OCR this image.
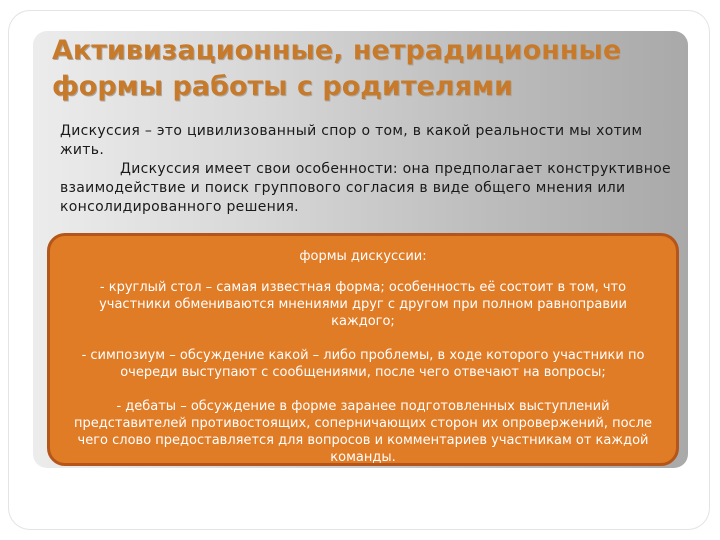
Активизационные, нетрадиционные
формы работы с родителями

Дискуссия – это цивилизованный спор о том, в какой реальности мы хотим жить.

Дискуссия имеет свои особенности: она предполагает конструктивное взаимодействие и поиск группового согласия в виде общего мнения или консолидированного решения.

формы дискуссии:

- круглый стол – самая известная форма; особенность её состоит в том, что участники обмениваются мнениями друг с другом при полном равноправии каждого;

- симпозиум – обсуждение какой – либо проблемы, в ходе которого участники по очереди выступают с сообщениями, после чего отвечают на вопросы;

- дебаты – обсуждение в форме заранее подготовленных выступлений представителей противостоящих, соперничающих сторон их опровержений, после чего слово предоставляется для вопросов и комментариев участникам от каждой команды.
